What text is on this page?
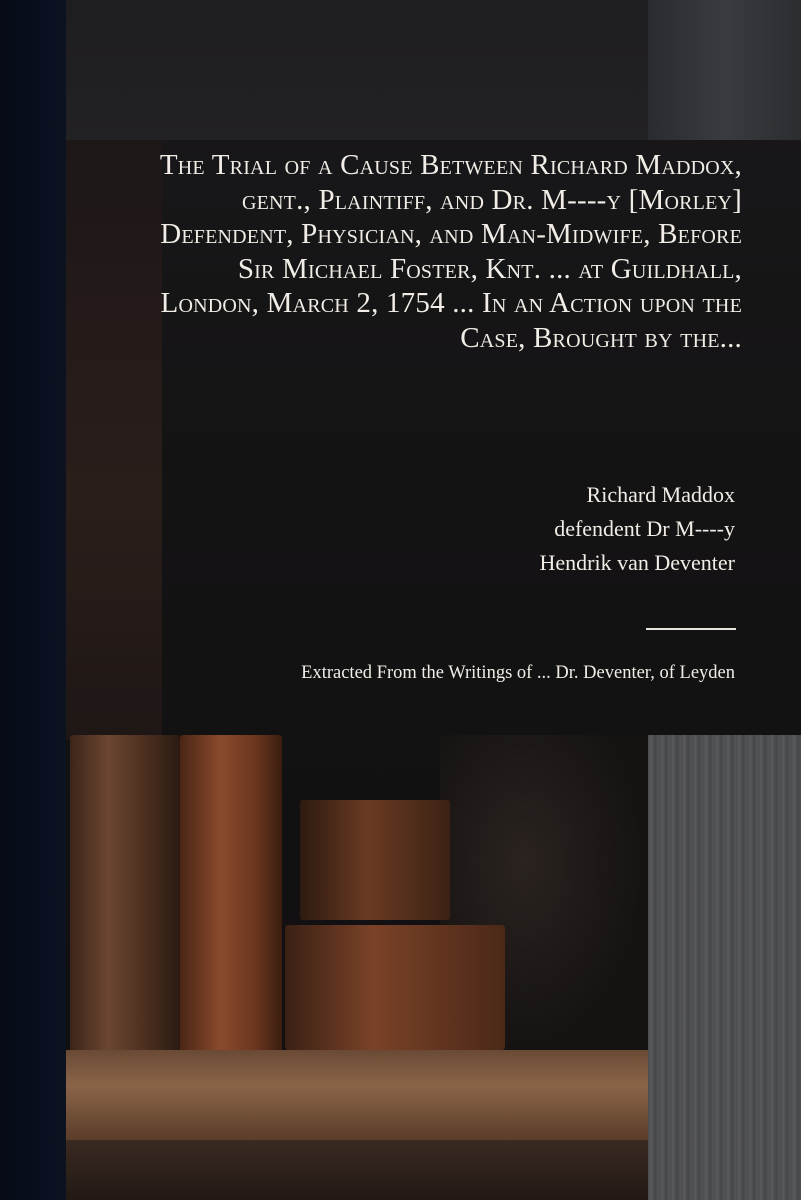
The Trial of a Cause Between Richard Maddox, gent., Plaintiff, and Dr. M----y [Morley] Defendent, Physician, and Man-Midwife, Before Sir Michael Foster, Knt. ... at Guildhall, London, March 2, 1754 ... In an Action upon the Case, Brought by the...
Richard Maddox
defendent Dr M----y
Hendrik van Deventer
Extracted From the Writings of ... Dr. Deventer, of Leyden
